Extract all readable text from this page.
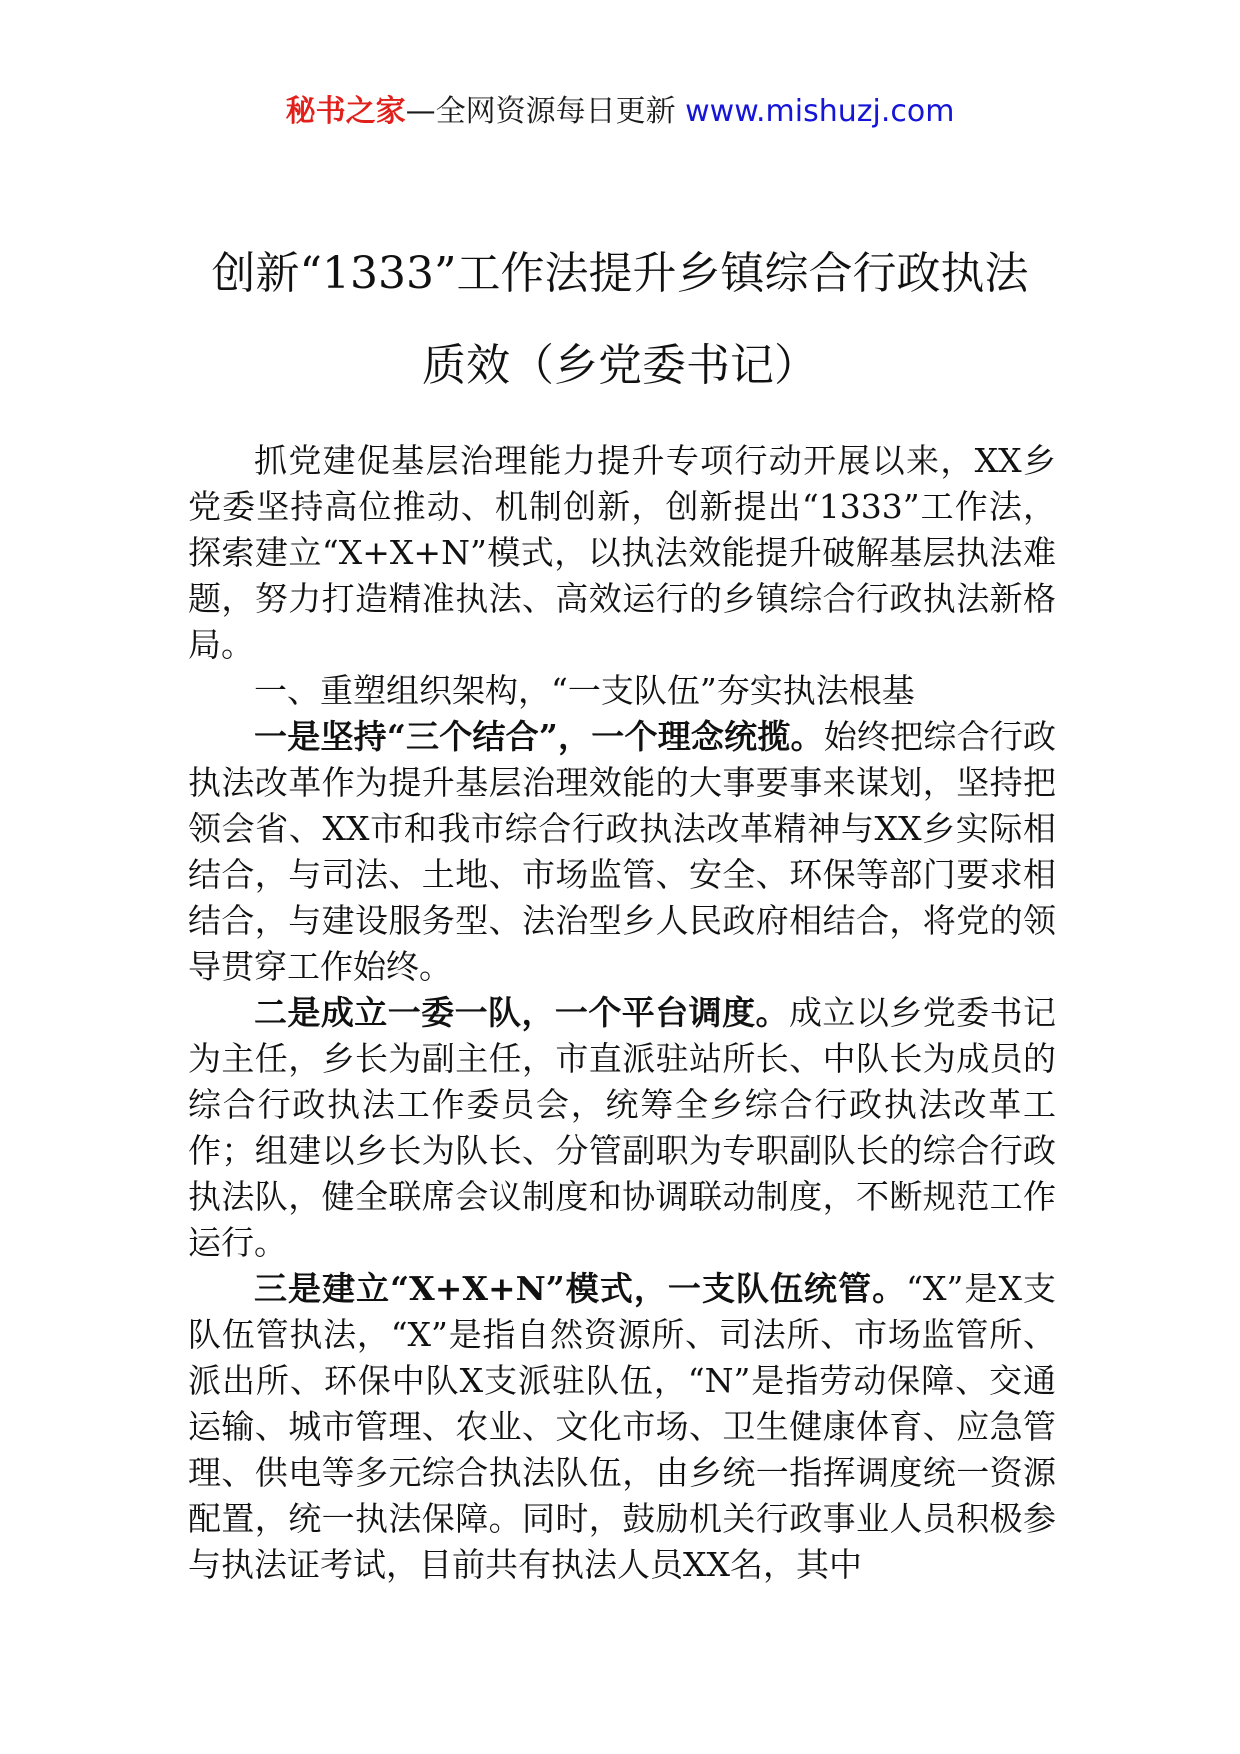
秘书之家—全网资源每日更新 www.mishuzj.com
创新“1333”工作法提升乡镇综合行政执法
质效（乡党委书记）

抓党建促基层治理能力提升专项行动开展以来，XX乡党委坚持高位推动、机制创新，创新提出“1333”工作法，探索建立“X+X+N”模式，以执法效能提升破解基层执法难题，努力打造精准执法、高效运行的乡镇综合行政执法新格局。

一、重塑组织架构，“一支队伍”夯实执法根基

一是坚持“三个结合”，一个理念统揽。始终把综合行政执法改革作为提升基层治理效能的大事要事来谋划，坚持把领会省、XX市和我市综合行政执法改革精神与XX乡实际相结合，与司法、土地、市场监管、安全、环保等部门要求相结合，与建设服务型、法治型乡人民政府相结合，将党的领导贯穿工作始终。

二是成立一委一队，一个平台调度。成立以乡党委书记为主任，乡长为副主任，市直派驻站所长、中队长为成员的综合行政执法工作委员会，统筹全乡综合行政执法改革工作；组建以乡长为队长、分管副职为专职副队长的综合行政执法队，健全联席会议制度和协调联动制度，不断规范工作运行。

三是建立“X+X+N”模式，一支队伍统管。“X”是X支队伍管执法，“X”是指自然资源所、司法所、市场监管所、派出所、环保中队X支派驻队伍，“N”是指劳动保障、交通运输、城市管理、农业、文化市场、卫生健康体育、应急管理、供电等多元综合执法队伍，由乡统一指挥调度统一资源配置，统一执法保障。同时，鼓励机关行政事业人员积极参与执法证考试，目前共有执法人员XX名，其中
